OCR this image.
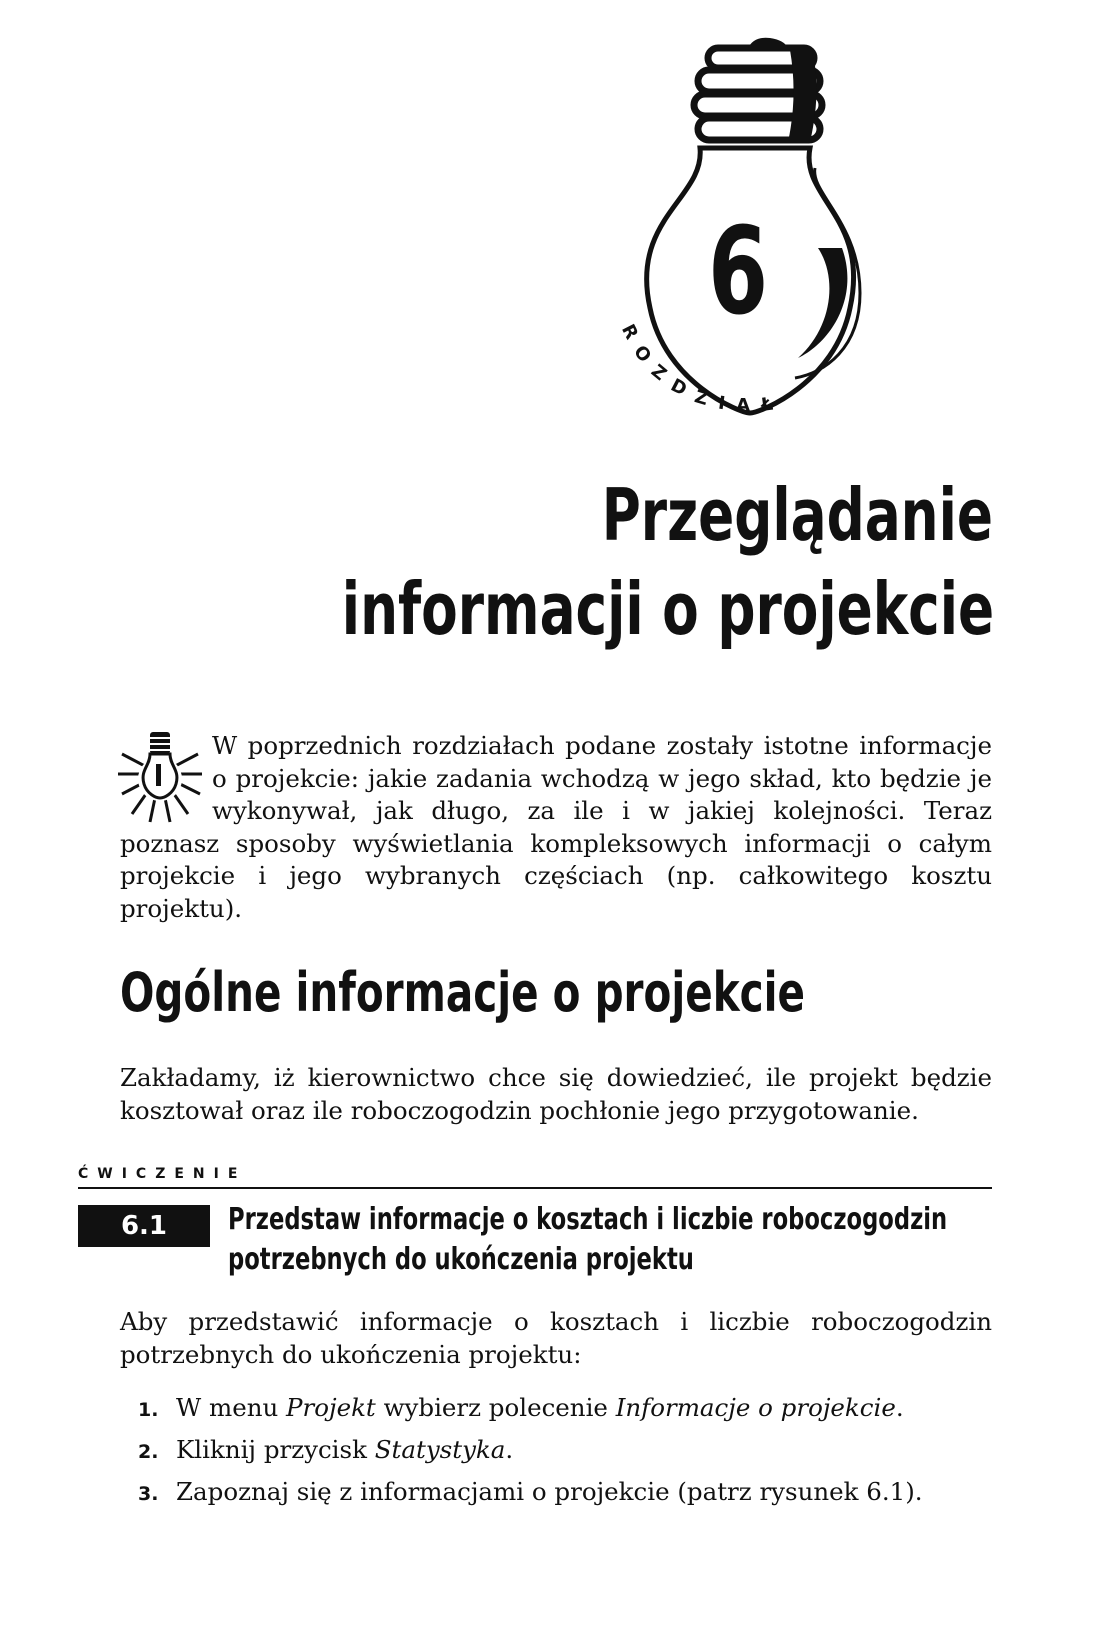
6
ROZDZIAŁ
Przeglądanie
informacji o projekcie

W poprzednich rozdziałach podane zostały istotne informacje o projekcie: jakie zadania wchodzą w jego skład, kto będzie je wykonywał, jak długo, za ile i w jakiej kolejności. Teraz poznasz sposoby wyświetlania kompleksowych informacji o całym projekcie i jego wybranych częściach (np. całkowitego kosztu projektu).

Ogólne informacje o projekcie

Zakładamy, iż kierownictwo chce się dowiedzieć, ile projekt będzie kosztował oraz ile roboczogodzin pochłonie jego przygotowanie.

ĆWICZENIE
6.1	Przedstaw informacje o kosztach i liczbie roboczogodzin
potrzebnych do ukończenia projektu

Aby przedstawić informacje o kosztach i liczbie roboczogodzin potrzebnych do ukończenia projektu:

1. W menu Projekt wybierz polecenie Informacje o projekcie.
2. Kliknij przycisk Statystyka.
3. Zapoznaj się z informacjami o projekcie (patrz rysunek 6.1).
